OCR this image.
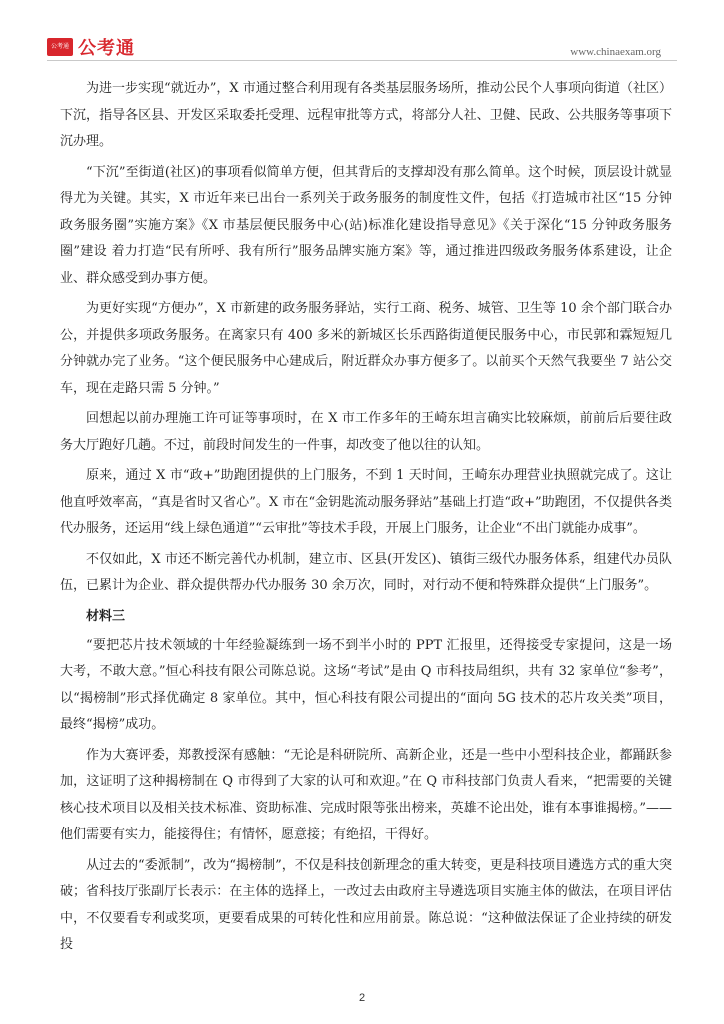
公考通 公考通	www.chinaexam.org

为进一步实现“就近办”，X 市通过整合利用现有各类基层服务场所，推动公民个人事项向街道（社区）下沉，指导各区县、开发区采取委托受理、远程审批等方式，将部分人社、卫健、民政、公共服务等事项下沉办理。

“下沉”至街道(社区)的事项看似简单方便，但其背后的支撑却没有那么简单。这个时候，顶层设计就显得尤为关键。其实，X 市近年来已出台一系列关于政务服务的制度性文件，包括《打造城市社区“15 分钟政务服务圈”实施方案》《X 市基层便民服务中心(站)标准化建设指导意见》《关于深化“15 分钟政务服务圈”建设 着力打造“民有所呼、我有所行”服务品牌实施方案》等，通过推进四级政务服务体系建设，让企业、群众感受到办事方便。

为更好实现“方便办”，X 市新建的政务服务驿站，实行工商、税务、城管、卫生等 10 余个部门联合办公，并提供多项政务服务。在离家只有 400 多米的新城区长乐西路街道便民服务中心，市民郭和霖短短几分钟就办完了业务。“这个便民服务中心建成后，附近群众办事方便多了。以前买个天然气我要坐 7 站公交车，现在走路只需 5 分钟。”

回想起以前办理施工许可证等事项时，在 X 市工作多年的王崎东坦言确实比较麻烦，前前后后要往政务大厅跑好几趟。不过，前段时间发生的一件事，却改变了他以往的认知。

原来，通过 X 市“政+”助跑团提供的上门服务，不到 1 天时间，王崎东办理营业执照就完成了。这让他直呼效率高，“真是省时又省心”。X 市在“金钥匙流动服务驿站”基础上打造“政+”助跑团，不仅提供各类代办服务，还运用“线上绿色通道”“云审批”等技术手段，开展上门服务，让企业“不出门就能办成事”。

不仅如此，X 市还不断完善代办机制，建立市、区县(开发区)、镇街三级代办服务体系，组建代办员队伍，已累计为企业、群众提供帮办代办服务 30 余万次，同时，对行动不便和特殊群众提供“上门服务”。

材料三

“要把芯片技术领域的十年经验凝练到一场不到半小时的 PPT 汇报里，还得接受专家提问，这是一场大考，不敢大意。”恒心科技有限公司陈总说。这场“考试”是由 Q 市科技局组织，共有 32 家单位“参考”，以“揭榜制”形式择优确定 8 家单位。其中，恒心科技有限公司提出的“面向 5G 技术的芯片攻关类”项目，最终“揭榜”成功。

作为大赛评委，郑教授深有感触：“无论是科研院所、高新企业，还是一些中小型科技企业，都踊跃参加，这证明了这种揭榜制在 Q 市得到了大家的认可和欢迎。”在 Q 市科技部门负责人看来，“把需要的关键核心技术项目以及相关技术标准、资助标准、完成时限等张出榜来，英雄不论出处，谁有本事谁揭榜。”——他们需要有实力，能接得住；有情怀，愿意接；有绝招，干得好。

从过去的“委派制”，改为“揭榜制”，不仅是科技创新理念的重大转变，更是科技项目遴选方式的重大突破；省科技厅张副厅长表示：在主体的选择上，一改过去由政府主导遴选项目实施主体的做法，在项目评估中，不仅要看专利或奖项，更要看成果的可转化性和应用前景。陈总说：“这种做法保证了企业持续的研发投

2
